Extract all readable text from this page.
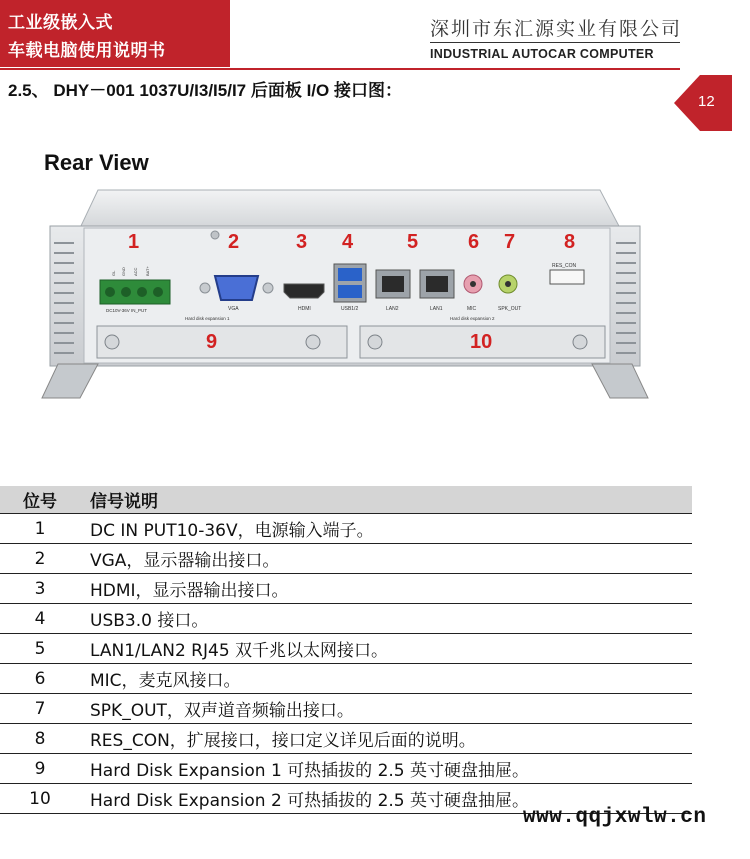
工业级嵌入式
车载电脑使用说明书
深圳市东汇源实业有限公司
INDUSTRIAL AUTOCAR COMPUTER
2.5、 DHY－001 1037U/I3/I5/I7 后面板 I/O 接口图：
12
Rear View
GL GND ACC BAT+
DC10V-36V IN_PUT	VGA	HDMI	USB1/2	LAN2	LAN1	MIC	SPK_OUT
RES_CON
Hard disk expansion 1	Hard disk expansion 2
1	2	3 4	5 6 7 8
9	10
位号	信号说明
1	DC IN PUT10-36V，电源输入端子。
2	VGA，显示器输出接口。
3	HDMI，显示器输出接口。
4	USB3.0 接口。
5	LAN1/LAN2 RJ45 双千兆以太网接口。
6	MIC，麦克风接口。
7	SPK_OUT，双声道音频输出接口。
8	RES_CON，扩展接口，接口定义详见后面的说明。
9	Hard Disk Expansion 1 可热插拔的 2.5 英寸硬盘抽屉。
10	Hard Disk Expansion 2 可热插拔的 2.5 英寸硬盘抽屉。
www.qqjxwlw.cn
